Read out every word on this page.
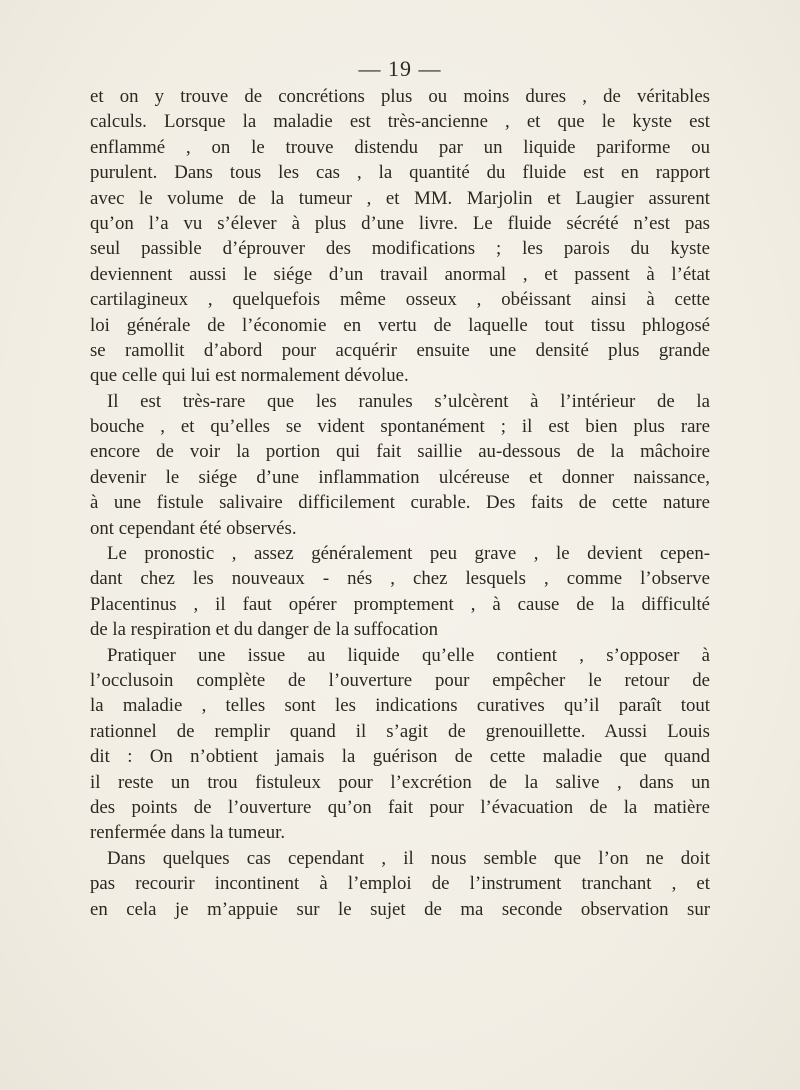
— 19 —
et on y trouve de concrétions plus ou moins dures , de véritables
calculs. Lorsque la maladie est très-ancienne , et que le kyste est
enflammé , on le trouve distendu par un liquide pariforme ou
purulent. Dans tous les cas , la quantité du fluide est en rapport
avec le volume de la tumeur , et MM. Marjolin et Laugier assurent
qu’on l’a vu s’élever à plus d’une livre. Le fluide sécrété n’est pas
seul passible d’éprouver des modifications ; les parois du kyste
deviennent aussi le siége d’un travail anormal , et passent à l’état
cartilagineux , quelquefois même osseux , obéissant ainsi à cette
loi générale de l’économie en vertu de laquelle tout tissu phlogosé
se ramollit d’abord pour acquérir ensuite une densité plus grande
que celle qui lui est normalement dévolue.
Il est très-rare que les ranules s’ulcèrent à l’intérieur de la
bouche , et qu’elles se vident spontanément ; il est bien plus rare
encore de voir la portion qui fait saillie au-dessous de la mâchoire
devenir le siége d’une inflammation ulcéreuse et donner naissance,
à une fistule salivaire difficilement curable. Des faits de cette nature
ont cependant été observés.
Le pronostic , assez généralement peu grave , le devient cepen-
dant chez les nouveaux - nés , chez lesquels , comme l’observe
Placentinus , il faut opérer promptement , à cause de la difficulté
de la respiration et du danger de la suffocation
Pratiquer une issue au liquide qu’elle contient , s’opposer à
l’occlusoin complète de l’ouverture pour empêcher le retour de
la maladie , telles sont les indications curatives qu’il paraît tout
rationnel de remplir quand il s’agit de grenouillette. Aussi Louis
dit : On n’obtient jamais la guérison de cette maladie que quand
il reste un trou fistuleux pour l’excrétion de la salive , dans un
des points de l’ouverture qu’on fait pour l’évacuation de la matière
renfermée dans la tumeur.
Dans quelques cas cependant , il nous semble que l’on ne doit
pas recourir incontinent à l’emploi de l’instrument tranchant , et
en cela je m’appuie sur le sujet de ma seconde observation sur
